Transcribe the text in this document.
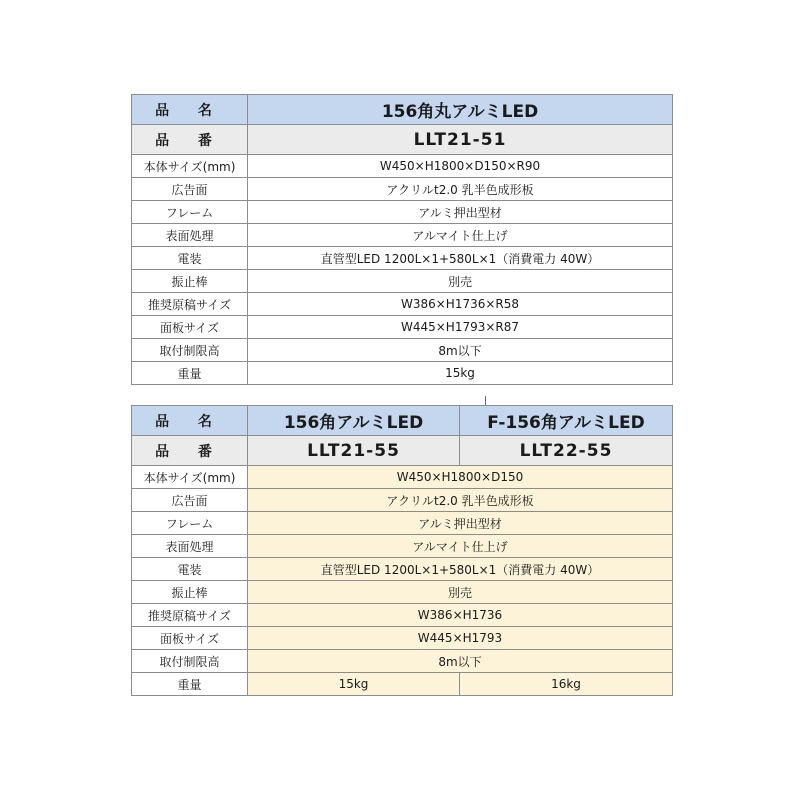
品 名	156角丸アルミLED
品 番	LLT21-51
本体サイズ(mm)	W450×H1800×D150×R90
広告面	アクリルt2.0 乳半色成形板
フレーム	アルミ押出型材
表面処理	アルマイト仕上げ
電装	直管型LED 1200L×1+580L×1（消費電力 40W）
振止棒	別売
推奨原稿サイズ	W386×H1736×R58
面板サイズ	W445×H1793×R87
取付制限高	8m以下
重量	15kg
品 名	156角アルミLED	F-156角アルミLED
品 番	LLT21-55	LLT22-55
本体サイズ(mm)	W450×H1800×D150	
広告面	アクリルt2.0 乳半色成形板	
フレーム	アルミ押出型材	
表面処理	アルマイト仕上げ	
電装	直管型LED 1200L×1+580L×1（消費電力 40W）	
振止棒	別売	
推奨原稿サイズ	W386×H1736	
面板サイズ	W445×H1793	
取付制限高	8m以下	
重量	15kg	16kg
